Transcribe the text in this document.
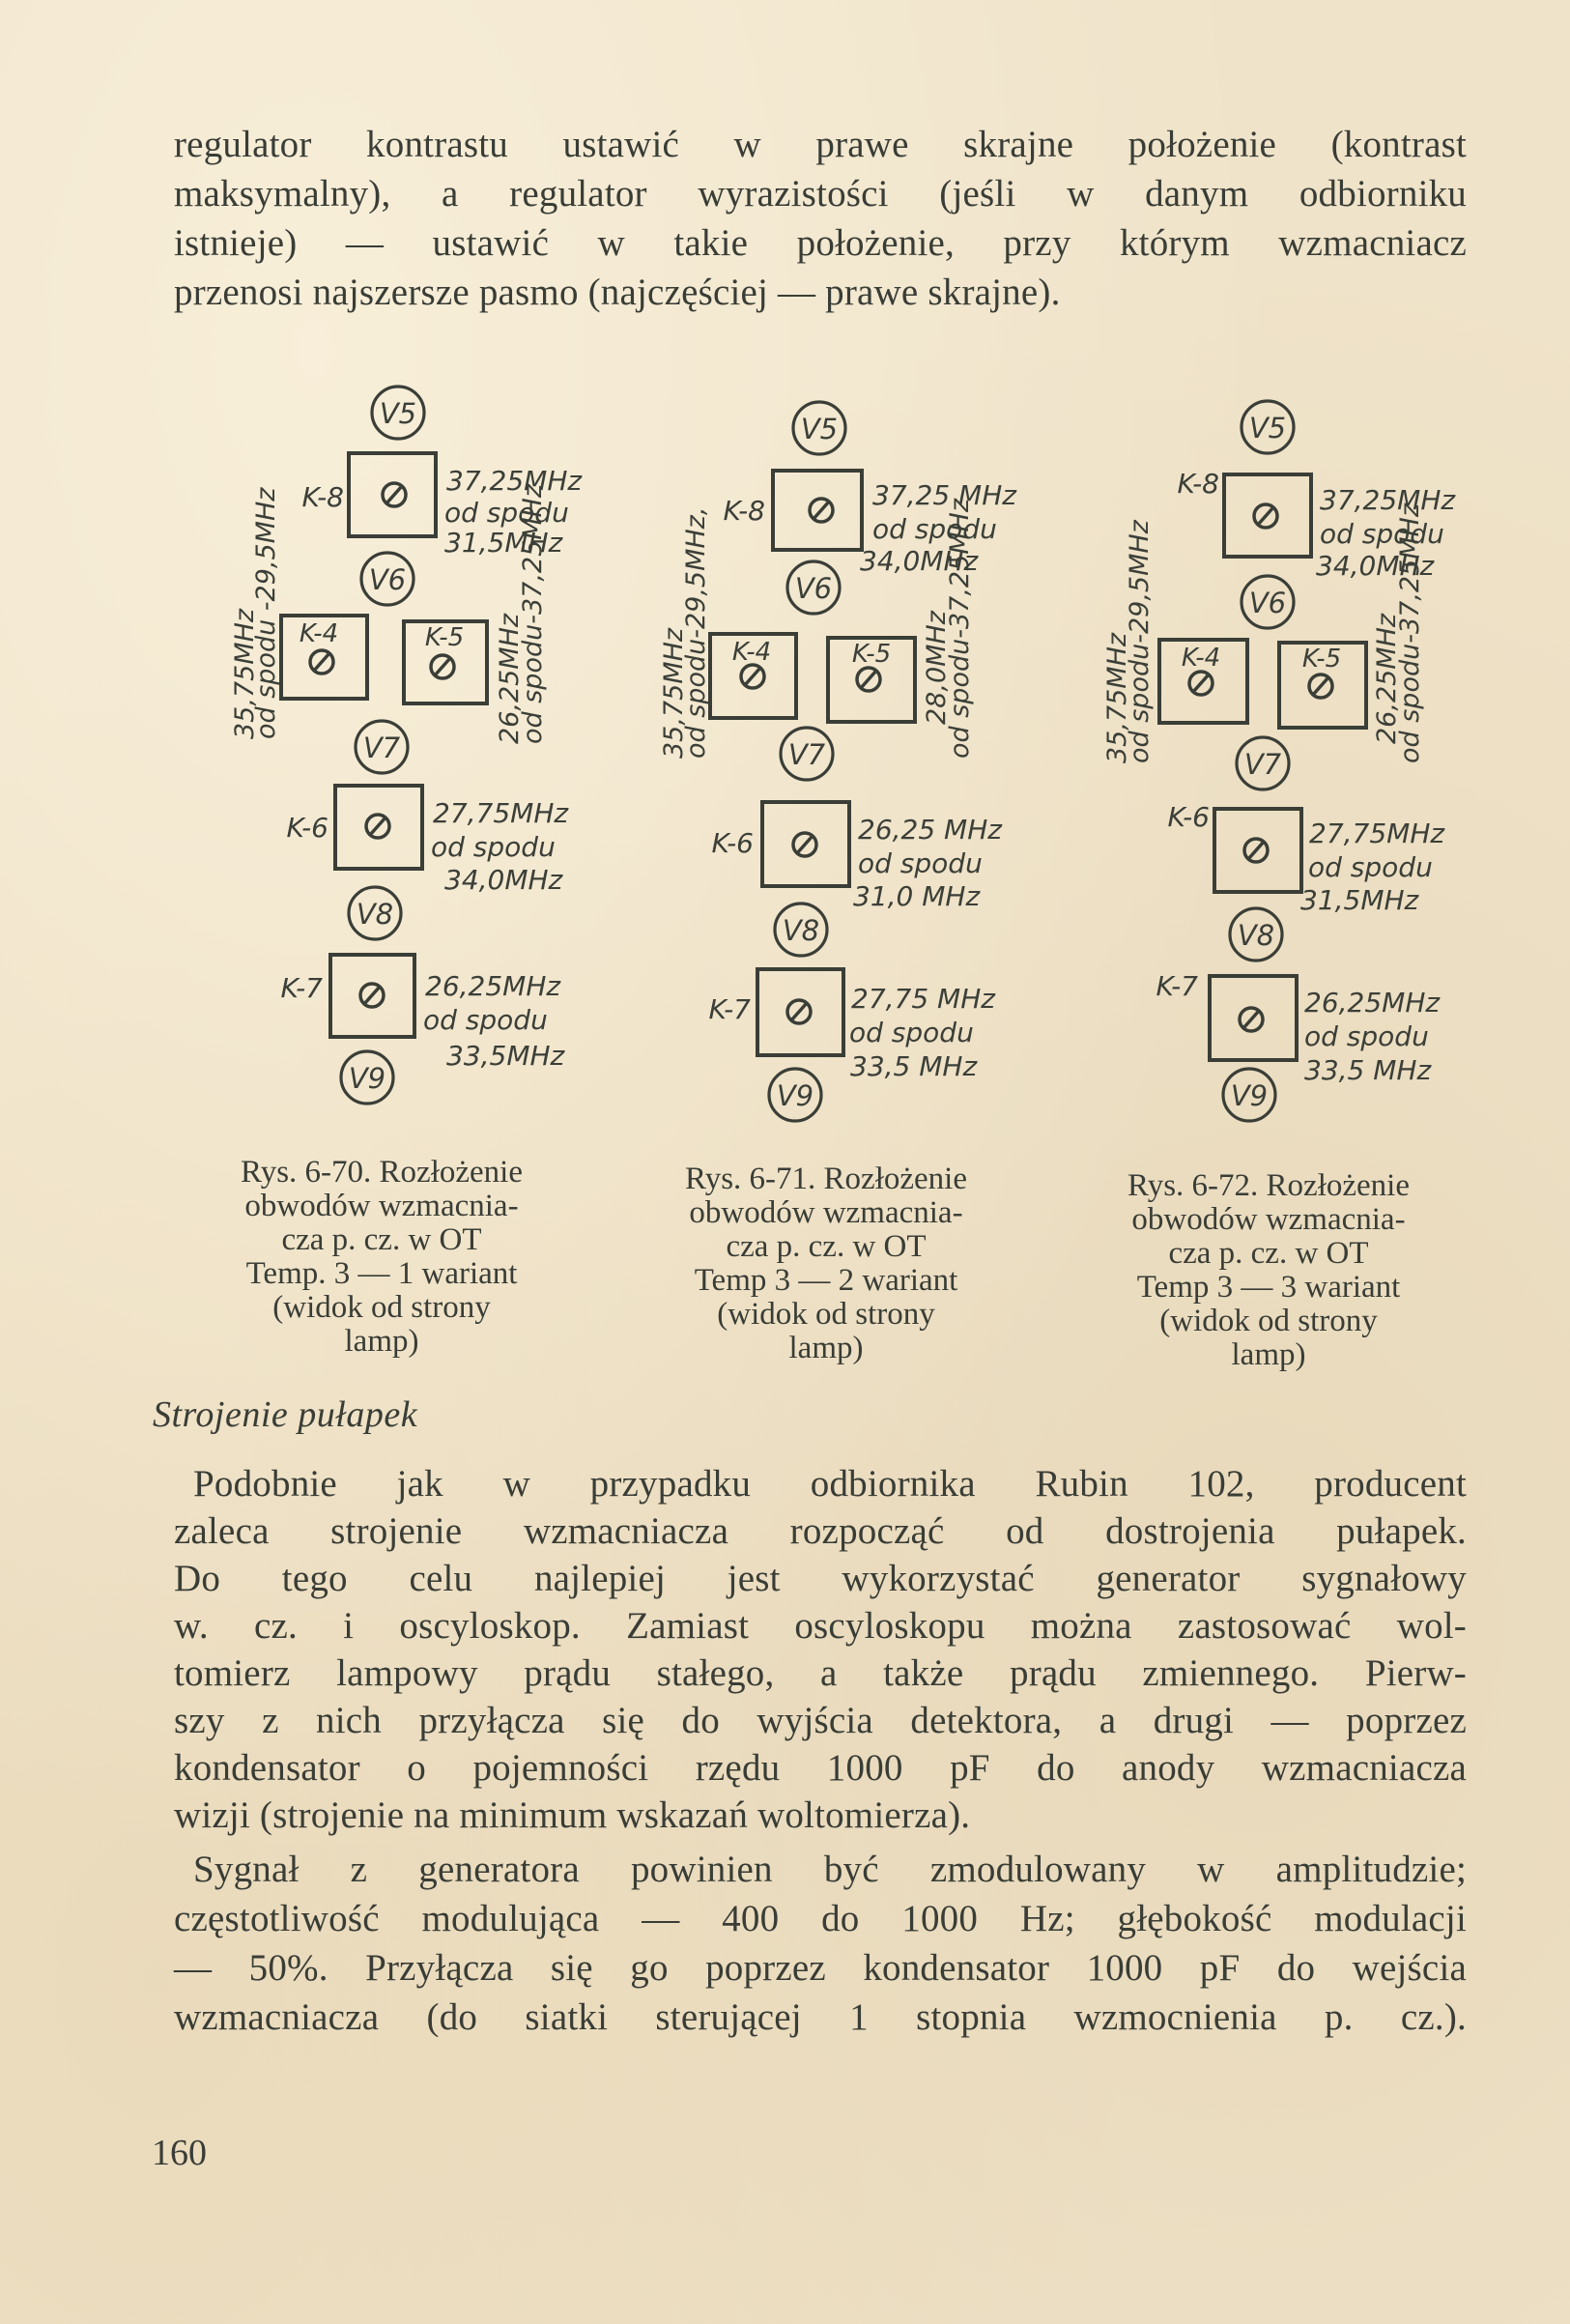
regulator kontrastu ustawić w prawe skrajne położenie (kontrast
maksymalny), a regulator wyrazistości (jeśli w danym odbiorniku
istnieje) — ustawić w takie położenie, przy którym wzmacniacz
przenosi najszersze pasmo (najczęściej — prawe skrajne).
V5
K-8
37,25MHz
od spodu
31,5MHz
V6
K-4
35,75MHz
od spodu -29,5MHz	K-5 26,25MHz
od spodu-37,25MHz
V7
K-6	27,75MHz
od spodu
34,0MHz
V8
K-7	26,25MHz
od spodu
33,5MHz
V9
V5
K-8	37,25 MHz
od spodu
34,0MHz
V6
K-4
35,75MHz
od spodu-29,5MHz,	K-5 28,0MHz
od spodu-37,25MHz
V7
K-6	26,25 MHz
od spodu
31,0 MHz
V8
K-7	27,75 MHz
od spodu
33,5 MHz
V9
V5
K-8
37,25MHz
od spodu
34,0MHz
V6
K-4
35,75MHz
od spodu-29,5MHz	K-5 26,25MHz
od spodu-37,25MHz
V7
K-6
27,75MHz
od spodu
31,5MHz
V8
K-7
26,25MHz
od spodu
33,5 MHz
V9
Rys. 6-70. Rozłożenie
obwodów wzmacnia-
cza p. cz. w OT
Temp. 3 — 1 wariant
(widok od strony
lamp)
Rys. 6-71. Rozłożenie
obwodów wzmacnia-
cza p. cz. w OT
Temp 3 — 2 wariant
(widok od strony
lamp)
Rys. 6-72. Rozłożenie
obwodów wzmacnia-
cza p. cz. w OT
Temp 3 — 3 wariant
(widok od strony
lamp)
Strojenie pułapek
Podobnie jak w przypadku odbiornika Rubin 102, producent
zaleca strojenie wzmacniacza rozpocząć od dostrojenia pułapek.
Do tego celu najlepiej jest wykorzystać generator sygnałowy
w. cz. i oscyloskop. Zamiast oscyloskopu można zastosować wol-
tomierz lampowy prądu stałego, a także prądu zmiennego. Pierw-
szy z nich przyłącza się do wyjścia detektora, a drugi — poprzez
kondensator o pojemności rzędu 1000 pF do anody wzmacniacza
wizji (strojenie na minimum wskazań woltomierza).
Sygnał z generatora powinien być zmodulowany w amplitudzie;
częstotliwość modulująca — 400 do 1000 Hz; głębokość modulacji
— 50%. Przyłącza się go poprzez kondensator 1000 pF do wejścia
wzmacniacza (do siatki sterującej 1 stopnia wzmocnienia p. cz.).
160
